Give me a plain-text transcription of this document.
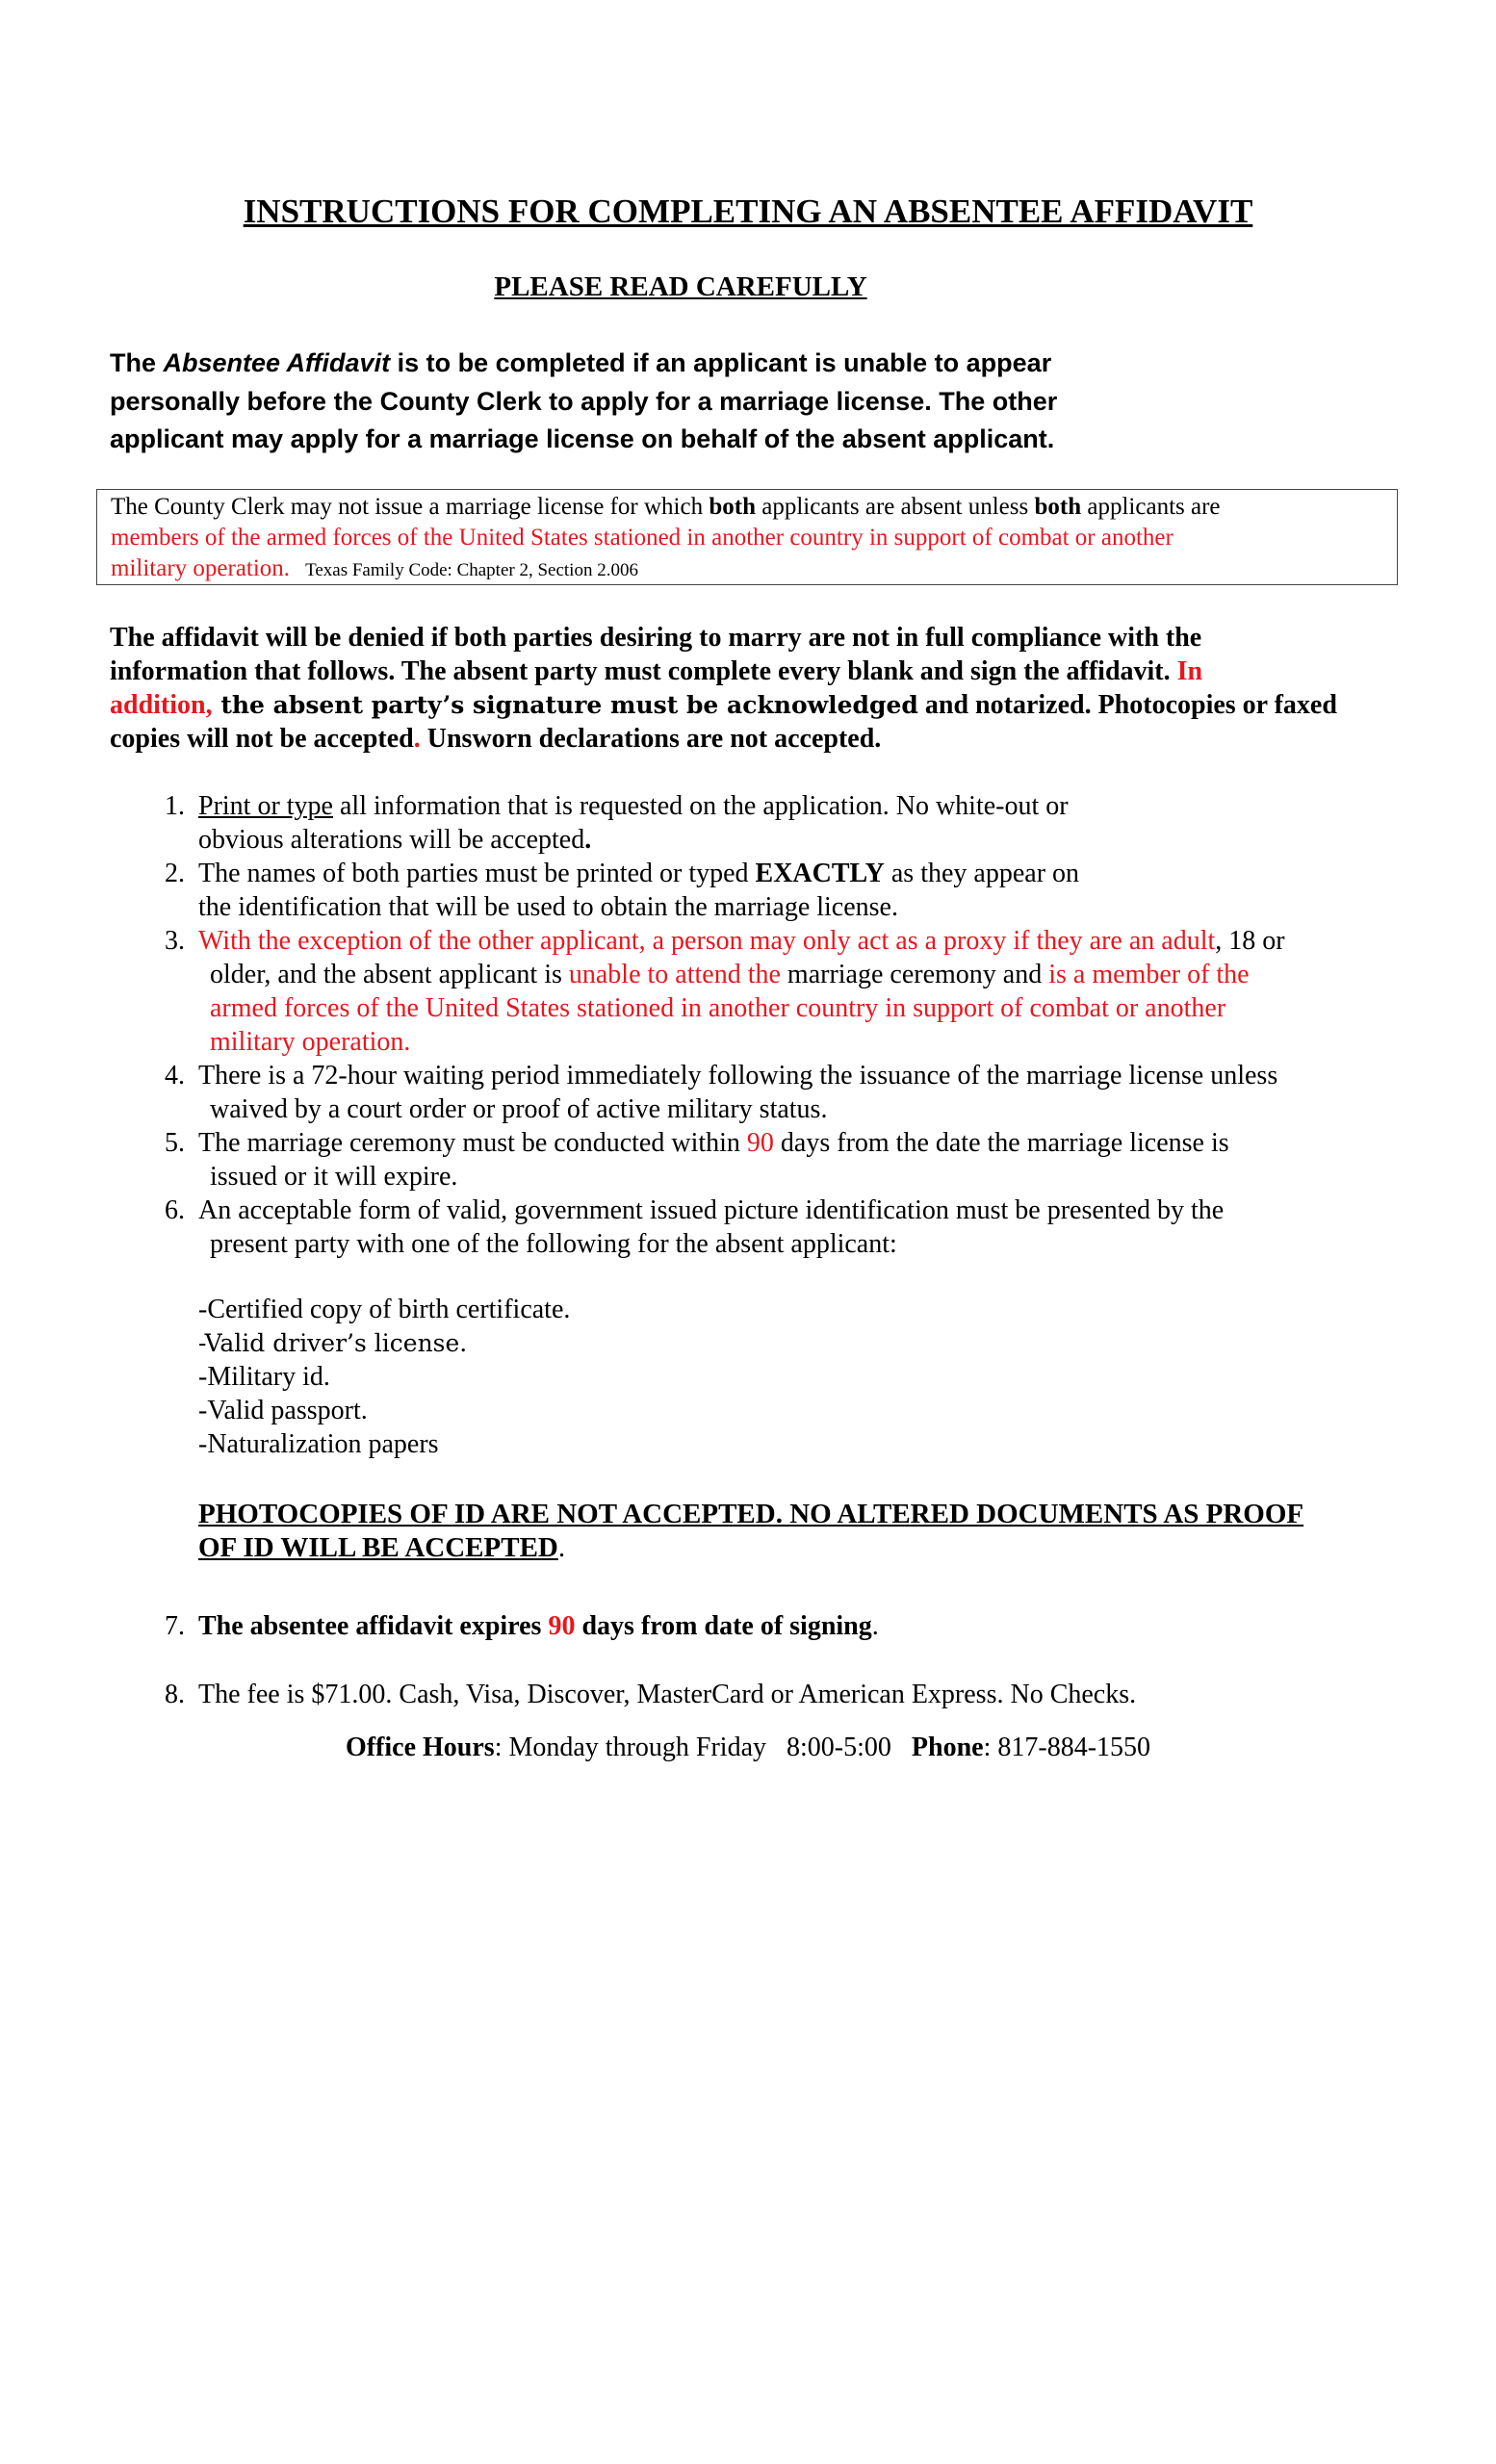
INSTRUCTIONS FOR COMPLETING AN ABSENTEE AFFIDAVIT
PLEASE READ CAREFULLY
The Absentee Affidavit is to be completed if an applicant is unable to appear
personally before the County Clerk to apply for a marriage license. The other
applicant may apply for a marriage license on behalf of the absent applicant.
The County Clerk may not issue a marriage license for which both applicants are absent unless both applicants are
members of the armed forces of the United States stationed in another country in support of combat or another
military operation. Texas Family Code: Chapter 2, Section 2.006
The affidavit will be denied if both parties desiring to marry are not in full compliance with the
information that follows. The absent party must complete every blank and sign the affidavit. In
addition, the absent party’s signature must be acknowledged and notarized. Photocopies or faxed
copies will not be accepted. Unsworn declarations are not accepted.
1. Print or type all information that is requested on the application. No white-out or
obvious alterations will be accepted.
2. The names of both parties must be printed or typed EXACTLY as they appear on
the identification that will be used to obtain the marriage license.
3. With the exception of the other applicant, a person may only act as a proxy if they are an adult, 18 or
older, and the absent applicant is unable to attend the marriage ceremony and is a member of the
armed forces of the United States stationed in another country in support of combat or another
military operation.
4. There is a 72-hour waiting period immediately following the issuance of the marriage license unless
waived by a court order or proof of active military status.
5. The marriage ceremony must be conducted within 90 days from the date the marriage license is
issued or it will expire.
6. An acceptable form of valid, government issued picture identification must be presented by the
present party with one of the following for the absent applicant:
7. The absentee affidavit expires 90 days from date of signing.
8. The fee is $71.00. Cash, Visa, Discover, MasterCard or American Express. No Checks.
-Certified copy of birth certificate.
-Valid driver’s license.
-Military id.
-Valid passport.
-Naturalization papers
PHOTOCOPIES OF ID ARE NOT ACCEPTED. NO ALTERED DOCUMENTS AS PROOF
OF ID WILL BE ACCEPTED.
Office Hours: Monday through Friday   8:00-5:00   Phone: 817-884-1550
